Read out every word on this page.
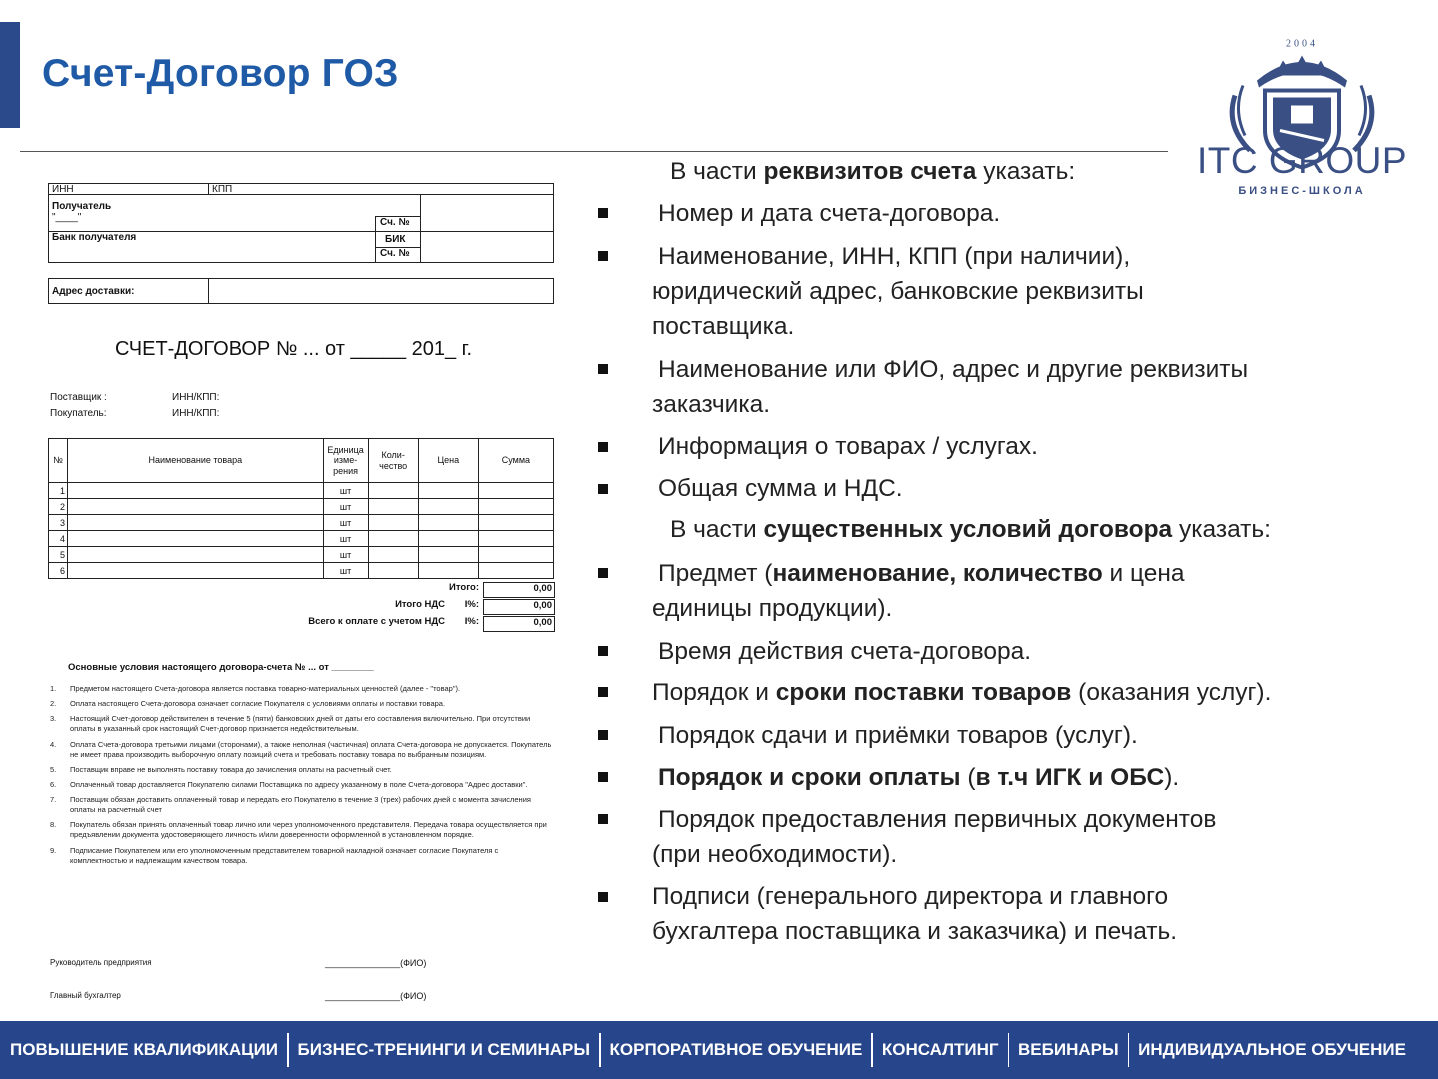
Счет-Договор ГОЗ
2004
ITC GROUP
БИЗНЕС-ШКОЛА
ИНН	КПП
Получатель
"____"	Сч. №
Банк получателя	БИК
Сч. №
Адрес доставки:
СЧЕТ-ДОГОВОР № ... от _____ 201_ г.
Поставщик :	ИНН/КПП:
Покупатель:	ИНН/КПП:
№	Наименование товара	Единица изме-рения	Коли-чество	Цена	Сумма
1		шт			
2		шт			
3		шт			
4		шт			
5		шт			
6		шт			
Итого:	0,00
Итого НДС	I%:	0,00
Всего к оплате с учетом НДС	I%:	0,00
Основные условия настоящего договора-счета № ... от ________
1.	Предметом настоящего Счета-договора является поставка товарно-материальных ценностей (далее - "товар").
2.	Оплата настоящего Счета-договора означает согласие Покупателя с условиями оплаты и поставки товара.
3.	Настоящий Счет-договор действителен в течение 5 (пяти) банковских дней от даты его составления включительно. При отсутствии оплаты в указанный срок настоящий Счет-договор признается недействительным.
4.	Оплата Счета-договора третьими лицами (сторонами), а также неполная (частичная) оплата Счета-договора не допускается. Покупатель не имеет права производить выборочную оплату позиций счета и требовать поставку товара по выбранным позициям.
5.	Поставщик вправе не выполнять поставку товара до зачисления оплаты на расчетный счет.
6.	Оплаченный товар доставляется Покупателю силами Поставщика по адресу указанному в поле Счета-договора "Адрес доставки".
7.	Поставщик обязан доставить оплаченный товар и передать его Покупателю в течение 3 (трех) рабочих дней с момента зачисления оплаты на расчетный счет
8.	Покупатель обязан принять оплаченный товар лично или через уполномоченного представителя. Передача товара осуществляется при предъявлении документа удостоверяющего личность и/или доверенности оформленной в установленном порядке.
9.	Подписание Покупателем или его уполномоченным представителем товарной накладной означает согласие Покупателя с комплектностью и надлежащим качеством товара.
Руководитель предприятия	_______________(ФИО)
Главный бухгалтер	_______________(ФИО)
В части реквизитов счета указать:
Номер и дата счета-договора.
Наименование, ИНН, КПП (при наличии),
юридический адрес, банковские реквизиты
поставщика.
Наименование или ФИО, адрес и другие реквизиты
заказчика.
Информация о товарах / услугах.
Общая сумма и НДС.
В части существенных условий договора указать:
Предмет (наименование, количество и цена
единицы продукции).
Время действия счета-договора.
Порядок и сроки поставки товаров (оказания услуг).
Порядок сдачи и приёмки товаров (услуг).
Порядок и сроки оплаты (в т.ч ИГК и ОБС).
Порядок предоставления первичных документов
(при необходимости).
Подписи (генерального директора и главного
бухгалтера поставщика и заказчика) и печать.
ПОВЫШЕНИЕ КВАЛИФИКАЦИИ БИЗНЕС-ТРЕНИНГИ И СЕМИНАРЫ КОРПОРАТИВНОЕ ОБУЧЕНИЕ КОНСАЛТИНГ ВЕБИНАРЫ ИНДИВИДУАЛЬНОЕ ОБУЧЕНИЕ
